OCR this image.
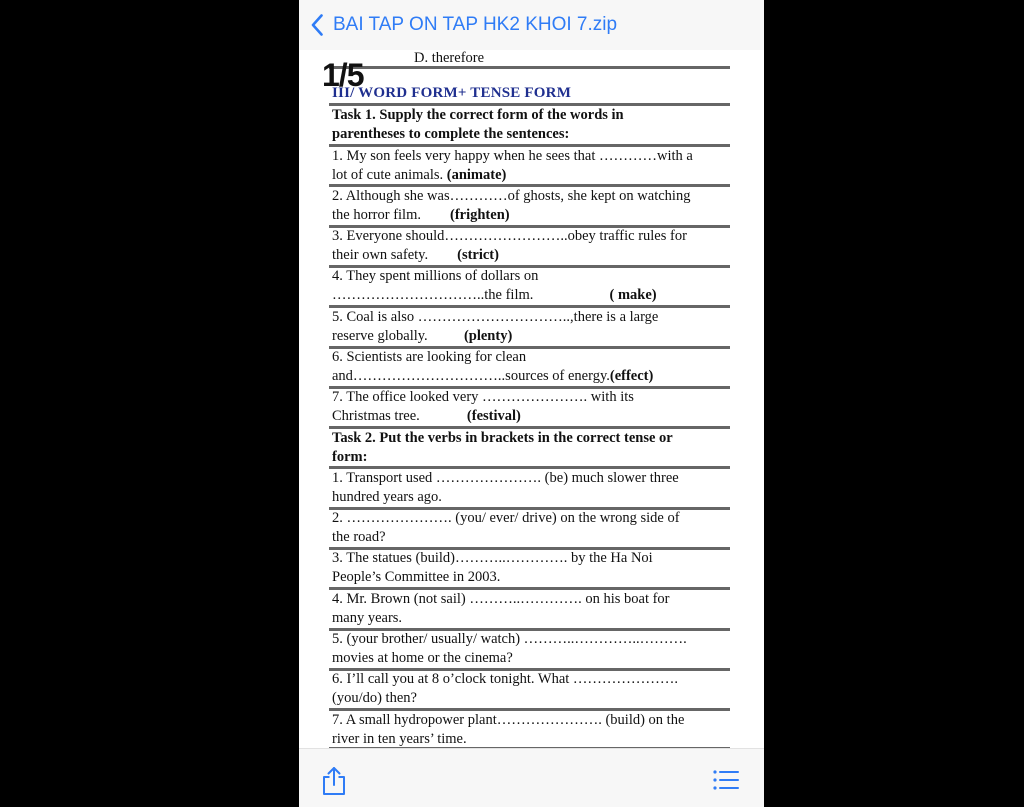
BAI TAP ON TAP HK2 KHOI 7.zip
1/5	D. therefore
III/ WORD FORM+ TENSE FORM
Task 1. Supply the correct form of the words in
parentheses to complete the sentences:
1. My son feels very happy when he sees that …………with a
lot of cute animals. (animate)
2. Although she was…………of ghosts, she kept on watching
the horror film.        (frighten)
3. Everyone should……………………..obey traffic rules for
their own safety.        (strict)
4. They spent millions of dollars on
…………………………..the film.                     ( make)
5. Coal is also …………………………..,there is a large
reserve globally.          (plenty)
6. Scientists are looking for clean
and…………………………..sources of energy.(effect)
7. The office looked very …………………. with its
Christmas tree.             (festival)
Task 2. Put the verbs in brackets in the correct tense or
form:
1. Transport used …………………. (be) much slower three
hundred years ago.
2. …………………. (you/ ever/ drive) on the wrong side of
the road?
3. The statues (build)………..…………. by the Ha Noi
People’s Committee in 2003.
4. Mr. Brown (not sail) ………..…………. on his boat for
many years.
5. (your brother/ usually/ watch) ………..…………..……….
movies at home or the cinema?
6. I’ll call you at 8 o’clock tonight. What ………………….
(you/do) then?
7. A small hydropower plant…………………. (build) on the
river in ten years’ time.
